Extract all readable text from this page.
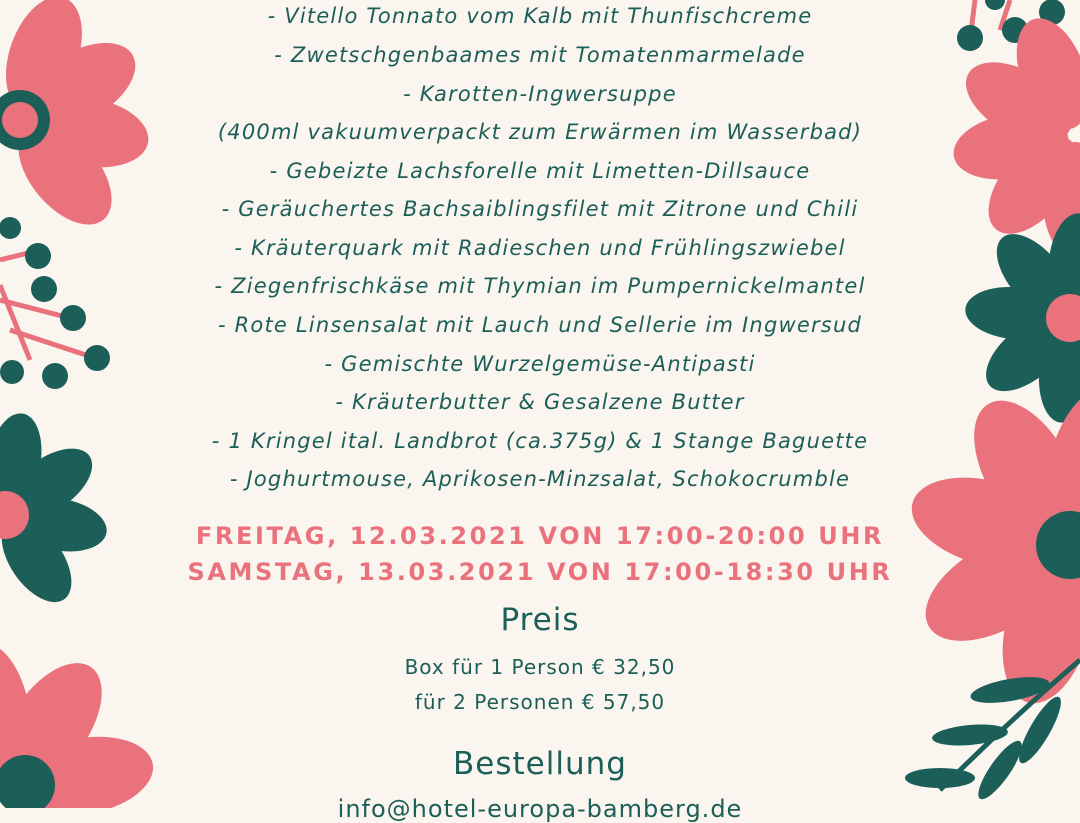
- Vitello Tonnato vom Kalb mit Thunfischcreme
- Zwetschgenbaames mit Tomatenmarmelade
- Karotten-Ingwersuppe
(400ml vakuumverpackt zum Erwärmen im Wasserbad)
- Gebeizte Lachsforelle mit Limetten-Dillsauce
- Geräuchertes Bachsaiblingsfilet mit Zitrone und Chili
- Kräuterquark mit Radieschen und Frühlingszwiebel
- Ziegenfrischkäse mit Thymian im Pumpernickelmantel
- Rote Linsensalat mit Lauch und Sellerie im Ingwersud
- Gemischte Wurzelgemüse-Antipasti
- Kräuterbutter & Gesalzene Butter
- 1 Kringel ital. Landbrot (ca.375g) & 1 Stange Baguette
- Joghurtmouse, Aprikosen-Minzsalat, Schokocrumble
FREITAG, 12.03.2021 VON 17:00-20:00 UHR
SAMSTAG, 13.03.2021 VON 17:00-18:30 UHR
Preis
Box für 1 Person € 32,50
für 2 Personen € 57,50
Bestellung
info@hotel-europa-bamberg.de
